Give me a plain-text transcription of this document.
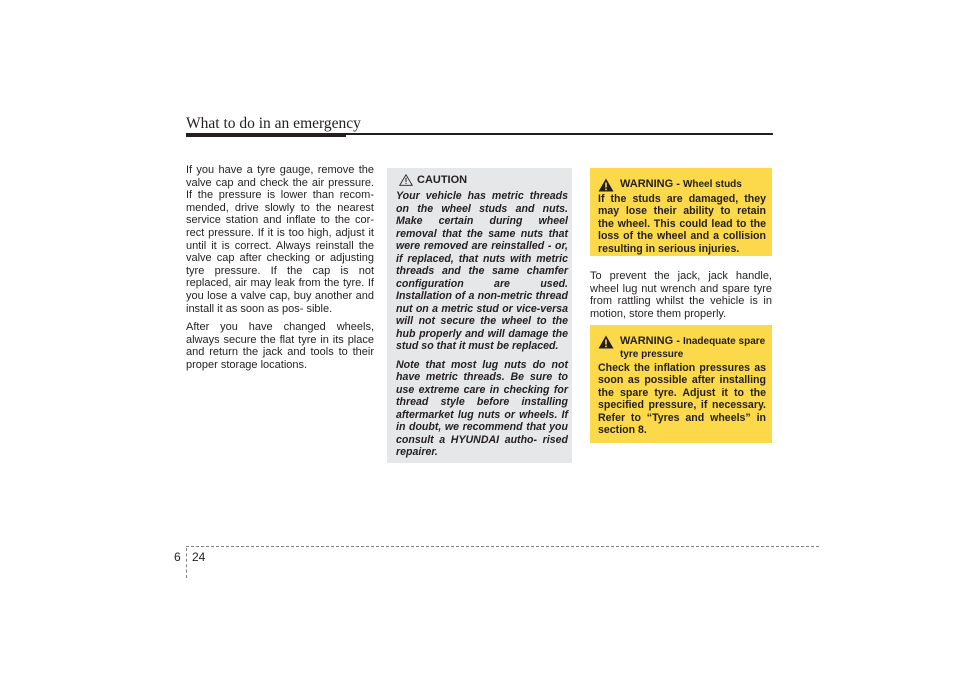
What to do in an emergency

If you have a tyre gauge, remove the valve cap and check the air pressure. If the pressure is lower than recom- mended, drive slowly to the nearest service station and inflate to the cor- rect pressure. If it is too high, adjust it until it is correct. Always reinstall the valve cap after checking or adjusting tyre pressure. If the cap is not replaced, air may leak from the tyre. If you lose a valve cap, buy another and install it as soon as pos- sible.

After you have changed wheels, always secure the flat tyre in its place and return the jack and tools to their proper storage locations.

CAUTION

Your vehicle has metric threads on the wheel studs and nuts. Make certain during wheel removal that the same nuts that were removed are reinstalled - or, if replaced, that nuts with metric threads and the same chamfer configuration are used. Installation of a non-metric thread nut on a metric stud or vice-versa will not secure the wheel to the hub properly and will damage the stud so that it must be replaced.

Note that most lug nuts do not have metric threads. Be sure to use extreme care in checking for thread style before installing aftermarket lug nuts or wheels. If in doubt, we recommend that you consult a HYUNDAI autho- rised repairer.

WARNING - Wheel studs
If the studs are damaged, they may lose their ability to retain the wheel. This could lead to the loss of the wheel and a collision resulting in serious injuries.
To prevent the jack, jack handle, wheel lug nut wrench and spare tyre from rattling whilst the vehicle is in motion, store them properly.
WARNING - Inadequate spare tyre pressure
Check the inflation pressures as soon as possible after installing the spare tyre. Adjust it to the specified pressure, if necessary. Refer to “Tyres and wheels” in section 8.
6 24
